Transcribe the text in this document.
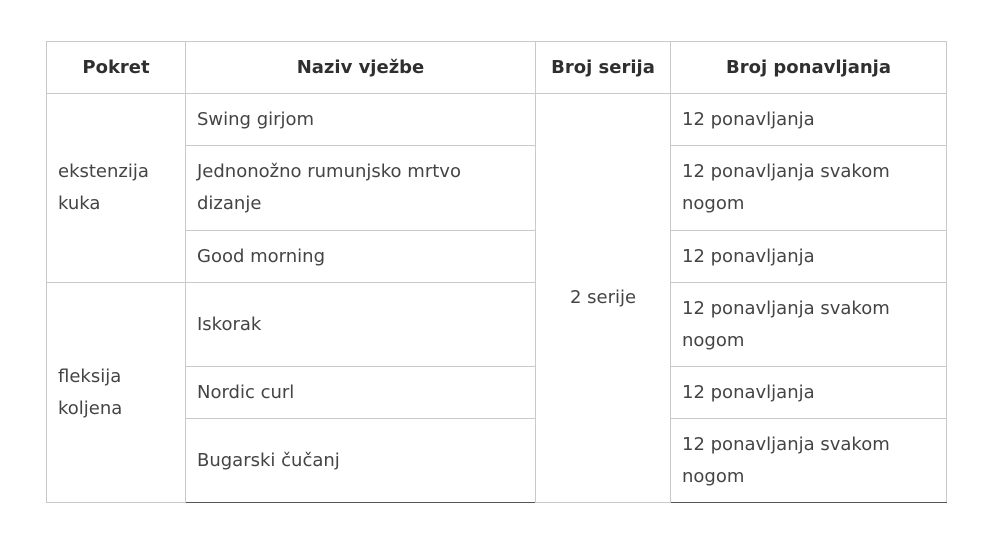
Pokret	Naziv vježbe	Broj serija	Broj ponavljanja
ekstenzija kuka	Swing girjom	2 serije	12 ponavljanja
	Jednonožno rumunjsko mrtvo dizanje		12 ponavljanja svakom nogom
	Good morning		12 ponavljanja
fleksija koljena	Iskorak		12 ponavljanja svakom nogom
	Nordic curl		12 ponavljanja
	Bugarski čučanj		12 ponavljanja svakom nogom
